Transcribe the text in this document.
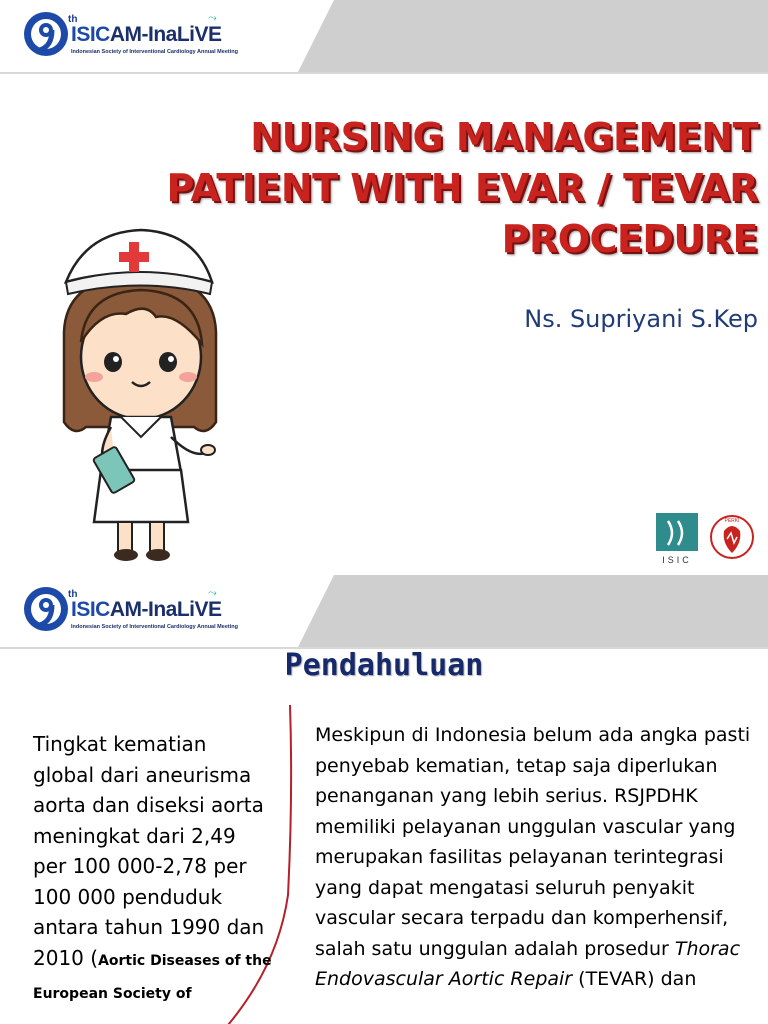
th
ISICAM-InaLiVE
⤳
Indonesian Society of Interventional Cardiology Annual Meeting
NURSING MANAGEMENT
PATIENT WITH EVAR / TEVAR
PROCEDURE
Ns. Supriyani S.Kep
ISIC
PERKI
th
ISICAM-InaLiVE
⤳
Indonesian Society of Interventional Cardiology Annual Meeting
Pendahuluan
Tingkat kematian global dari aneurisma aorta dan diseksi aorta meningkat dari 2,49 per 100 000-2,78 per 100 000 penduduk antara tahun 1990 dan 2010 (Aortic Diseases of the European Society of
Meskipun di Indonesia belum ada angka pasti penyebab kematian, tetap saja diperlukan penanganan yang lebih serius. RSJPDHK memiliki pelayanan unggulan vascular yang merupakan fasilitas pelayanan terintegrasi yang dapat mengatasi seluruh penyakit vascular secara terpadu dan komperhensif, salah satu unggulan adalah prosedur Thorac Endovascular Aortic Repair (TEVAR) dan
